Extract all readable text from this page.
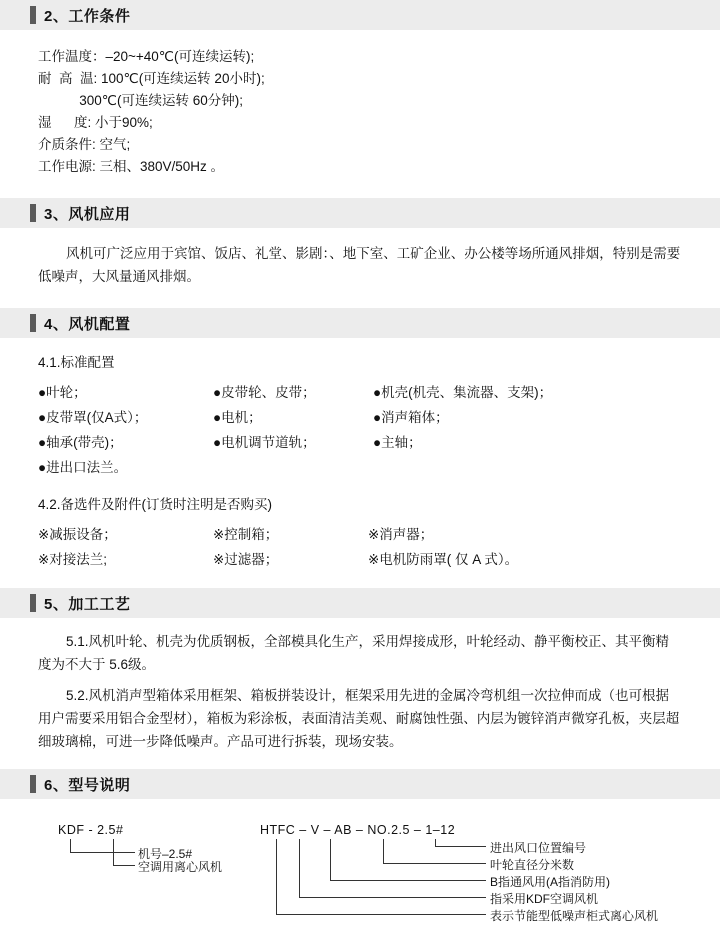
2、工作条件
工作温度：–20~+40℃(可连续运转);
耐  高  温: 100℃(可连续运转 20小时);
300℃(可连续运转 60分钟);
湿      度: 小于90%;
介质条件: 空气;
工作电源: 三相、380V/50Hz 。
3、风机应用
风机可广泛应用于宾馆、饭店、礼堂、影剧：、地下室、工矿企业、办公楼等场所通风排烟，特别是需要低噪声，大风量通风排烟。
4、风机配置
4.1.标准配置
●叶轮；	●皮带轮、皮带；	●机壳(机壳、集流器、支架)；
●皮带罩(仅A式）；	●电机；	●消声箱体；
●轴承(带壳)；	●电机调节道轨；	●主轴；
●进出口法兰。
4.2.备选件及附件(订货时注明是否购买)
※减振设备；	※控制箱；	※消声器；
※对接法兰;	※过滤器；	※电机防雨罩( 仅 A 式）。
5、加工工艺
5.1.风机叶轮、机壳为优质钢板，全部模具化生产，采用焊接成形，叶轮经动、静平衡校正、其平衡精度为不大于 5.6级。
5.2.风机消声型箱体采用框架、箱板拼装设计，框架采用先进的金属冷弯机组一次拉伸而成（也可根据用户需要采用铝合金型材），箱板为彩涂板，表面清洁美观、耐腐蚀性强、内层为镀锌消声微穿孔板，夹层超细玻璃棉，可进一步降低噪声。产品可进行拆装，现场安装。
6、型号说明
KDF - 2.5#
机号–2.5#
空调用离心风机
HTFC – V – AB – NO.2.5 – 1–12
进出风口位置编号
叶轮直径分米数
B指通风用(A指消防用)
指采用KDF空调风机
表示节能型低噪声柜式离心风机
